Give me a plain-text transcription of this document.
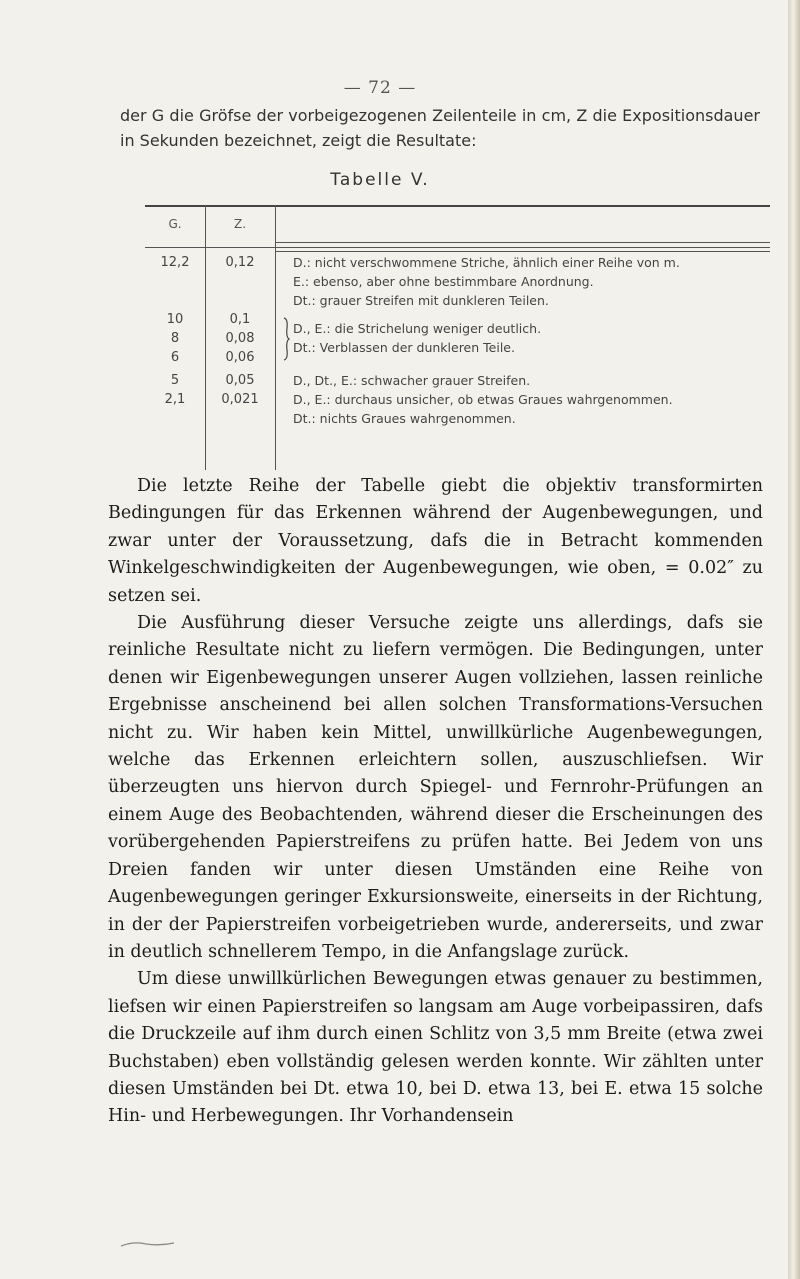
— 72 —
der G die Gröfse der vorbeigezogenen Zeilenteile in cm, Z die Expositionsdauer in Sekunden bezeichnet, zeigt die Resultate:
Tabelle V.
G.	Z.
12,2
10
8
6
5
2,1
0,12
0,1
0,08
0,06
0,05
0,021
D.: nicht verschwommene Striche, ähnlich einer Reihe von m.
E.: ebenso, aber ohne bestimmbare Anordnung.
Dt.: grauer Streifen mit dunkleren Teilen.
D., E.: die Strichelung weniger deutlich.
Dt.: Verblassen der dunkleren Teile.
D., Dt., E.: schwacher grauer Streifen.
D., E.: durchaus unsicher, ob etwas Graues wahrgenommen.
Dt.: nichts Graues wahrgenommen.

Die letzte Reihe der Tabelle giebt die objektiv transformirten Bedingungen für das Erkennen während der Augenbewegungen, und zwar unter der Voraussetzung, dafs die in Betracht kommenden Winkelgeschwindigkeiten der Augenbewegungen, wie oben, = 0.02″ zu setzen sei.

Die Ausführung dieser Versuche zeigte uns allerdings, dafs sie reinliche Resultate nicht zu liefern vermögen. Die Bedingungen, unter denen wir Eigenbewegungen unserer Augen vollziehen, lassen reinliche Ergebnisse anscheinend bei allen solchen Transformations-Versuchen nicht zu. Wir haben kein Mittel, unwillkürliche Augenbewegungen, welche das Erkennen erleichtern sollen, auszuschliefsen. Wir überzeugten uns hiervon durch Spiegel- und Fernrohr-Prüfungen an einem Auge des Beobachtenden, während dieser die Erscheinungen des vorübergehenden Papierstreifens zu prüfen hatte. Bei Jedem von uns Dreien fanden wir unter diesen Umständen eine Reihe von Augenbewegungen geringer Exkursionsweite, einerseits in der Richtung, in der der Papierstreifen vorbeigetrieben wurde, andererseits, und zwar in deutlich schnellerem Tempo, in die Anfangslage zurück.

Um diese unwillkürlichen Bewegungen etwas genauer zu bestimmen, liefsen wir einen Papierstreifen so langsam am Auge vorbeipassiren, dafs die Druckzeile auf ihm durch einen Schlitz von 3,5 mm Breite (etwa zwei Buchstaben) eben vollständig gelesen werden konnte. Wir zählten unter diesen Umständen bei Dt. etwa 10, bei D. etwa 13, bei E. etwa 15 solche Hin- und Herbewegungen. Ihr Vorhandensein
